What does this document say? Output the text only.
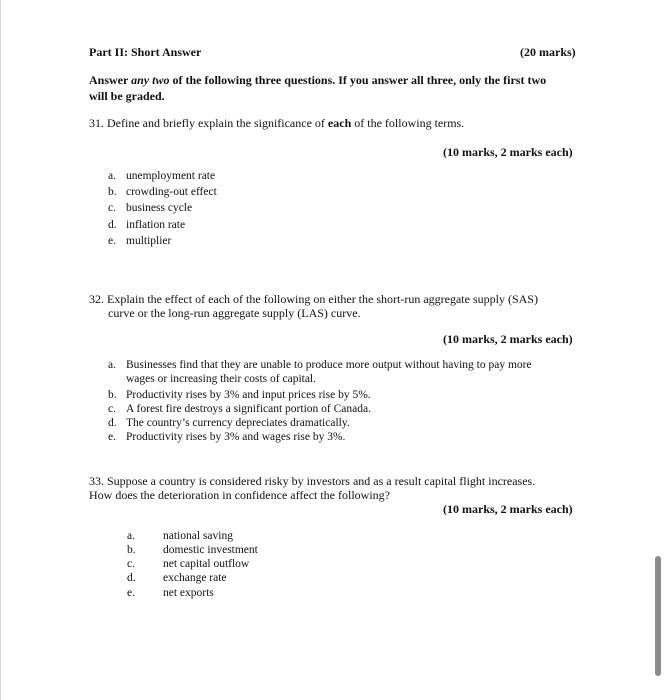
Part II: Short Answer	(20 marks)
Answer any two of the following three questions. If you answer all three, only the first two
will be graded.
31. Define and briefly explain the significance of each of the following terms.
(10 marks, 2 marks each)
a. unemployment rate
b. crowding-out effect
c. business cycle
d. inflation rate
e. multiplier
32. Explain the effect of each of the following on either the short-run aggregate supply (SAS)
curve or the long-run aggregate supply (LAS) curve.
(10 marks, 2 marks each)
a. Businesses find that they are unable to produce more output without having to pay more
wages or increasing their costs of capital.
b. Productivity rises by 3% and input prices rise by 5%.
c. A forest fire destroys a significant portion of Canada.
d. The country’s currency depreciates dramatically.
e. Productivity rises by 3% and wages rise by 3%.
33. Suppose a country is considered risky by investors and as a result capital flight increases.
How does the deterioration in confidence affect the following?
(10 marks, 2 marks each)
a. national saving
b. domestic investment
c. net capital outflow
d. exchange rate
e. net exports
